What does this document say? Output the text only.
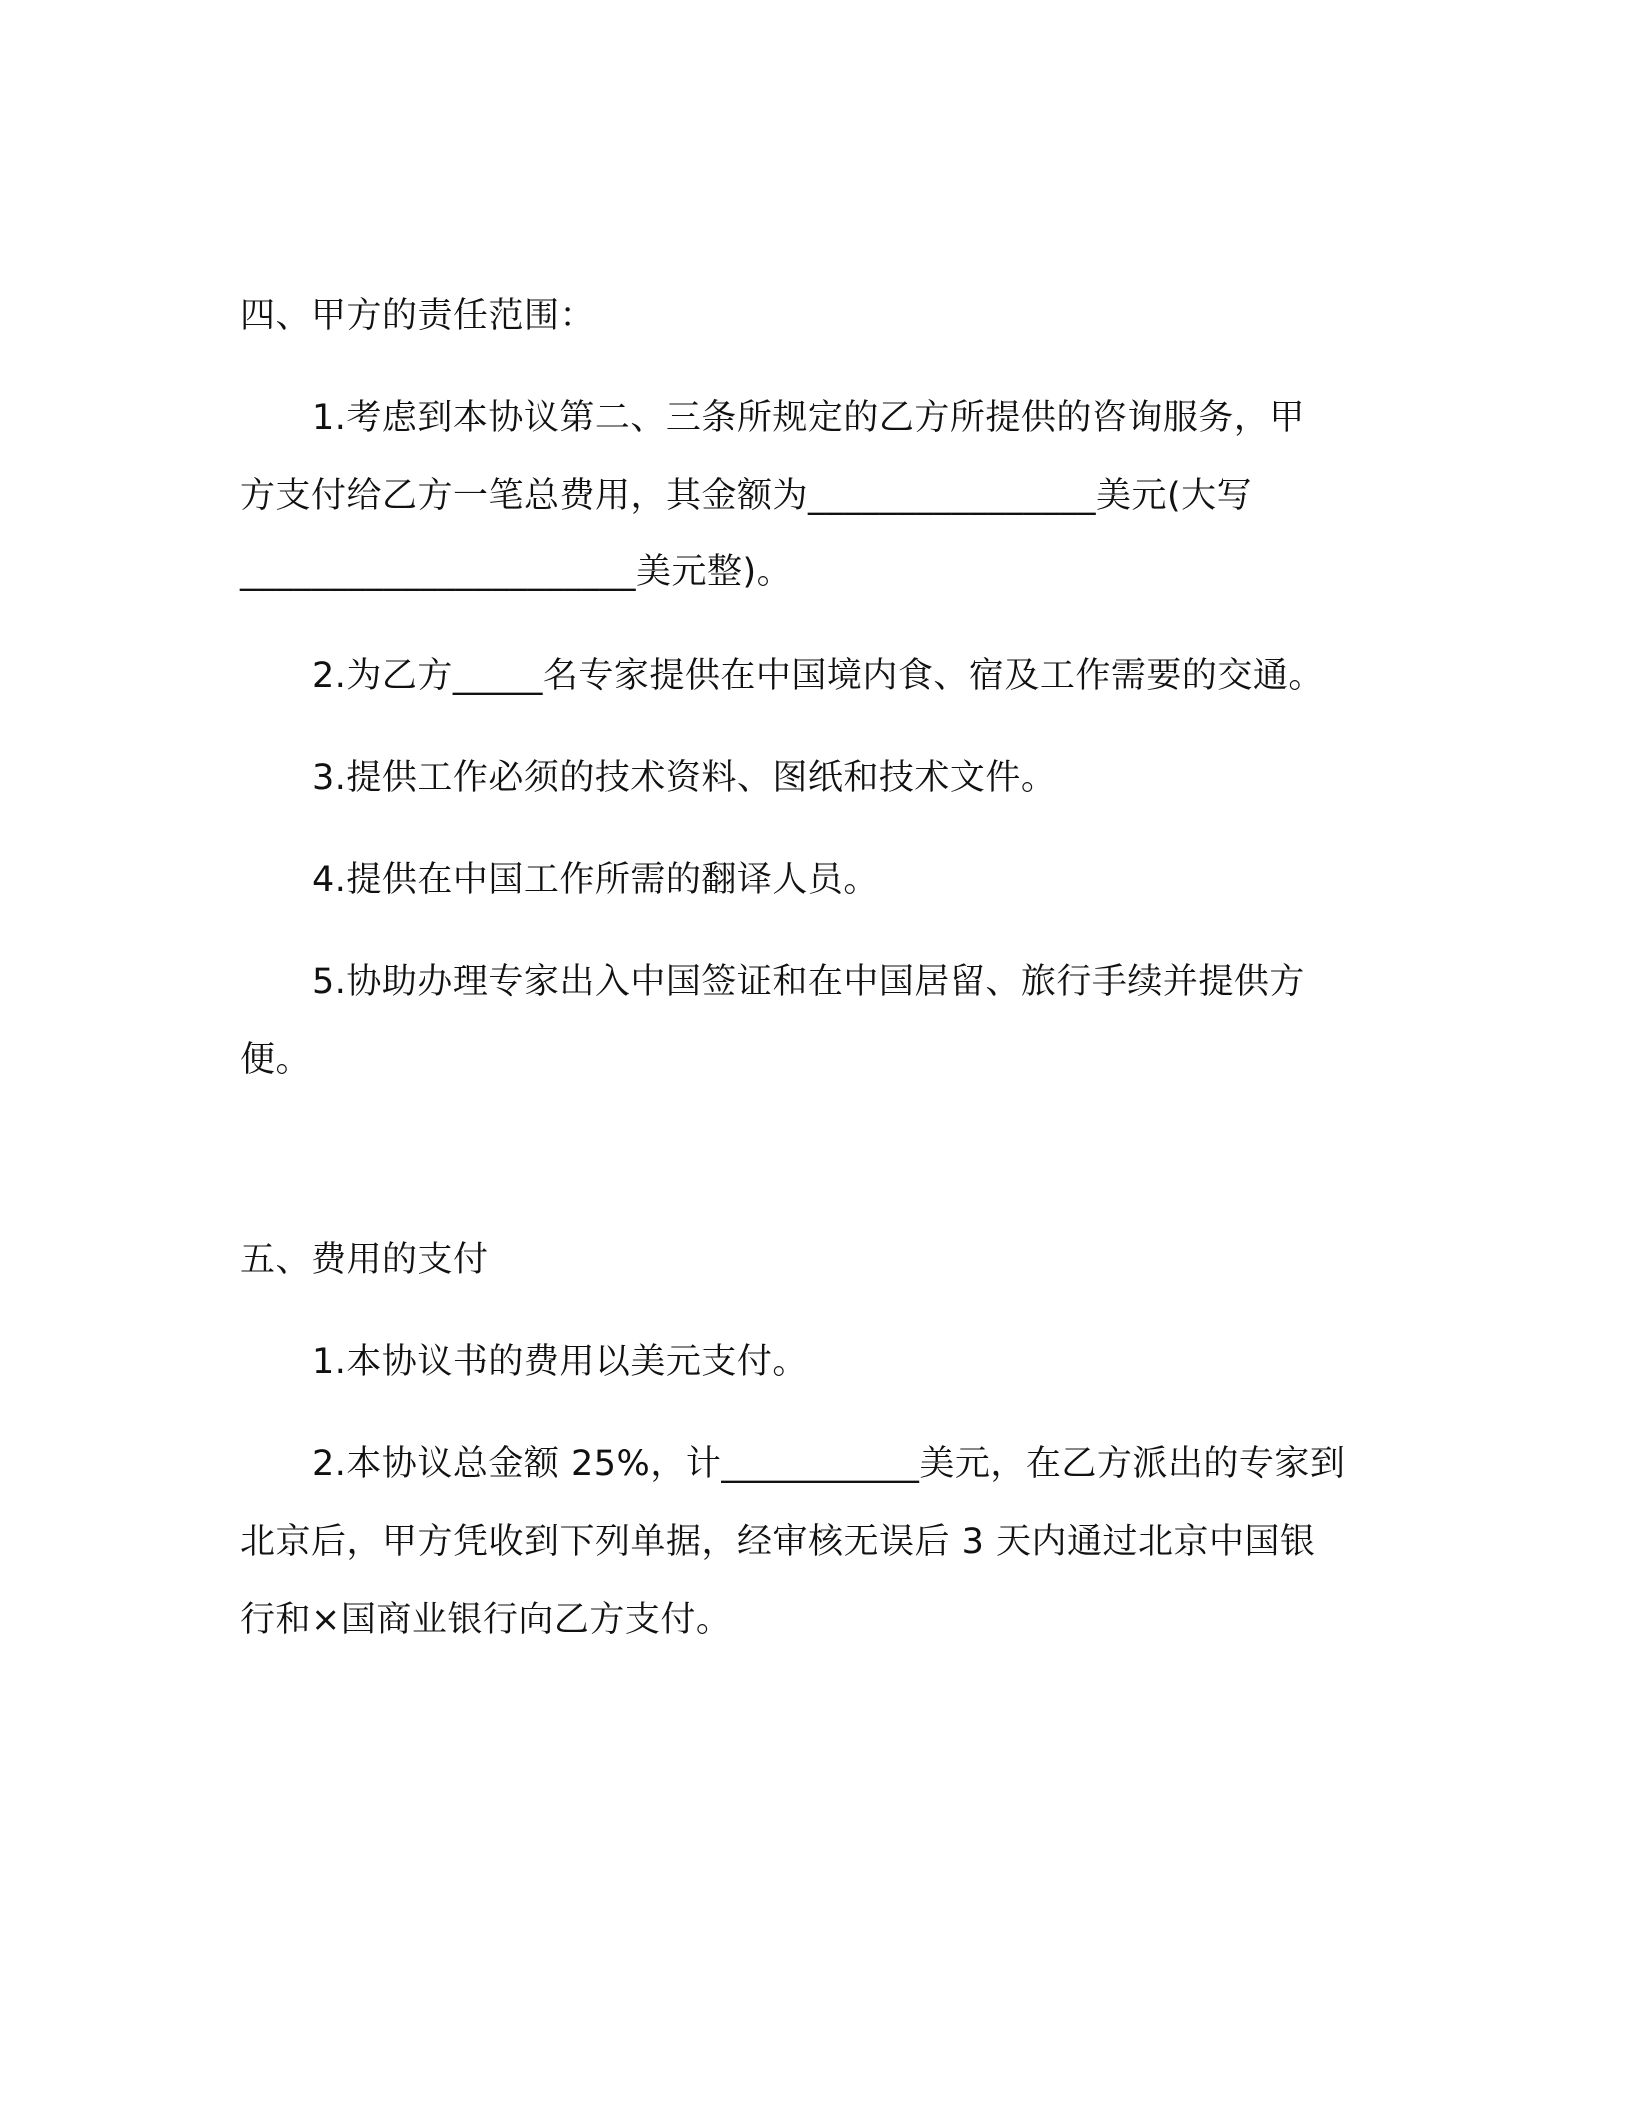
四、甲方的责任范围：
1.考虑到本协议第二、三条所规定的乙方所提供的咨询服务，甲
方支付给乙方一笔总费用，其金额为________________美元(大写
______________________美元整)。
2.为乙方_____名专家提供在中国境内食、宿及工作需要的交通。
3.提供工作必须的技术资料、图纸和技术文件。
4.提供在中国工作所需的翻译人员。
5.协助办理专家出入中国签证和在中国居留、旅行手续并提供方
便。
五、费用的支付
1.本协议书的费用以美元支付。
2.本协议总金额 25%，计___________美元，在乙方派出的专家到
北京后，甲方凭收到下列单据，经审核无误后 3 天内通过北京中国银
行和×国商业银行向乙方支付。
